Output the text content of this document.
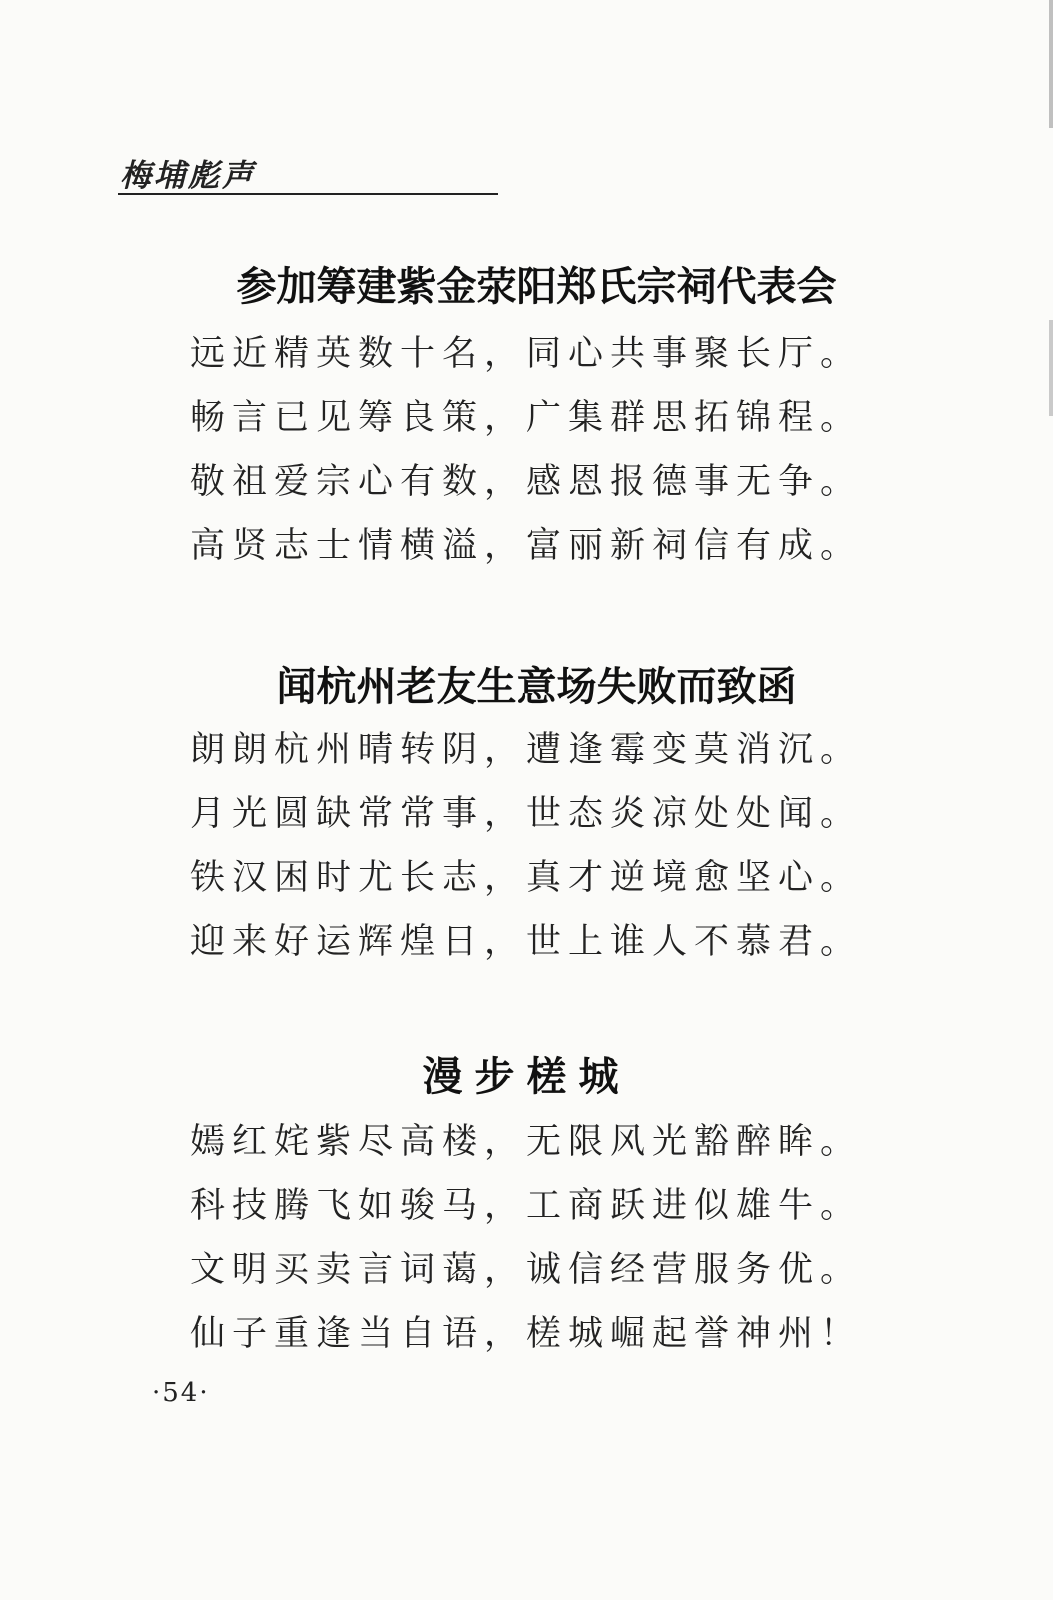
梅埔彪声
参加筹建紫金荥阳郑氏宗祠代表会
远近精英数十名，同心共事聚长厅。
畅言已见筹良策，广集群思拓锦程。
敬祖爱宗心有数，感恩报德事无争。
高贤志士情横溢，富丽新祠信有成。
闻杭州老友生意场失败而致函
朗朗杭州晴转阴，遭逢霉变莫消沉。
月光圆缺常常事，世态炎凉处处闻。
铁汉困时尤长志，真才逆境愈坚心。
迎来好运辉煌日，世上谁人不慕君。
漫步槎城
嫣红姹紫尽高楼，无限风光豁醉眸。
科技腾飞如骏马，工商跃进似雄牛。
文明买卖言词蔼，诚信经营服务优。
仙子重逢当自语，槎城崛起誉神州！
·54·
